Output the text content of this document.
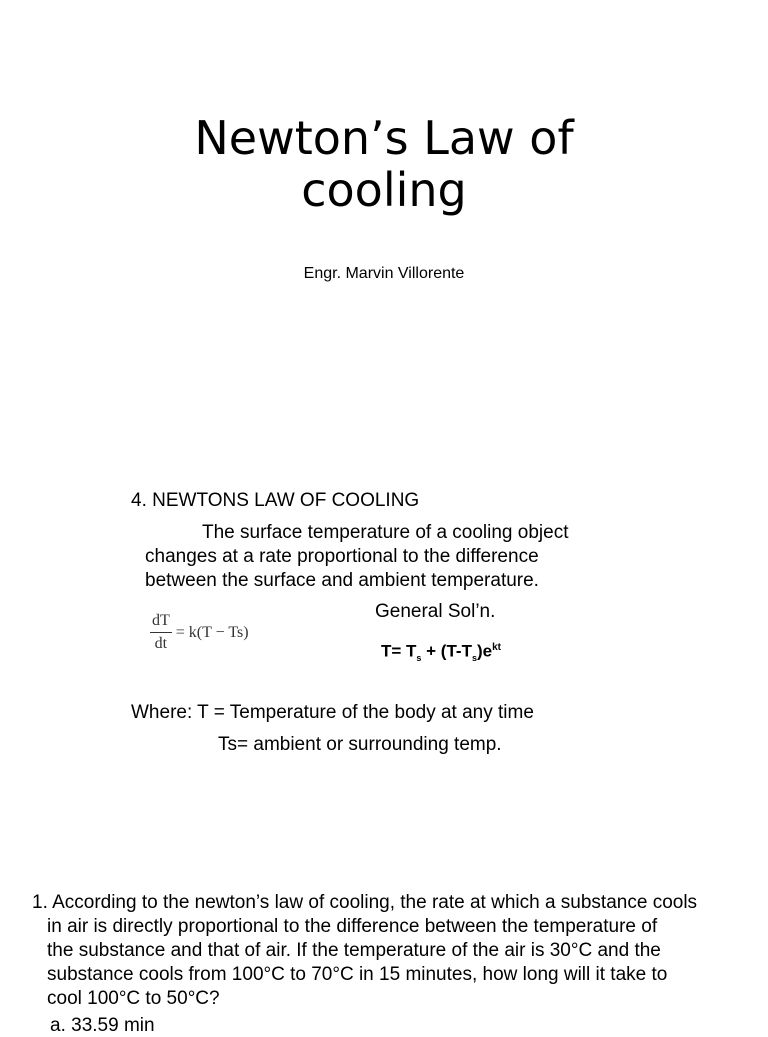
Newton’s Law of
cooling
Engr. Marvin Villorente
4. NEWTONS LAW OF COOLING
The surface temperature of a cooling object
changes at a rate proportional to the difference
between the surface and ambient temperature.
$\frac{dT}{dt} = k(T - Ts)$
General Sol’n.
$T= T_s + (T-T_s)e^{kt}$
Where: T = Temperature of the body at any time
Ts= ambient or surrounding temp.
1. According to the newton’s law of cooling, the rate at which a substance cools
in air is directly proportional to the difference between the temperature of
the substance and that of air. If the temperature of the air is 30°C and the
substance cools from 100°C to 70°C in 15 minutes, how long will it take to
cool 100°C to 50°C?
a. 33.59 min
